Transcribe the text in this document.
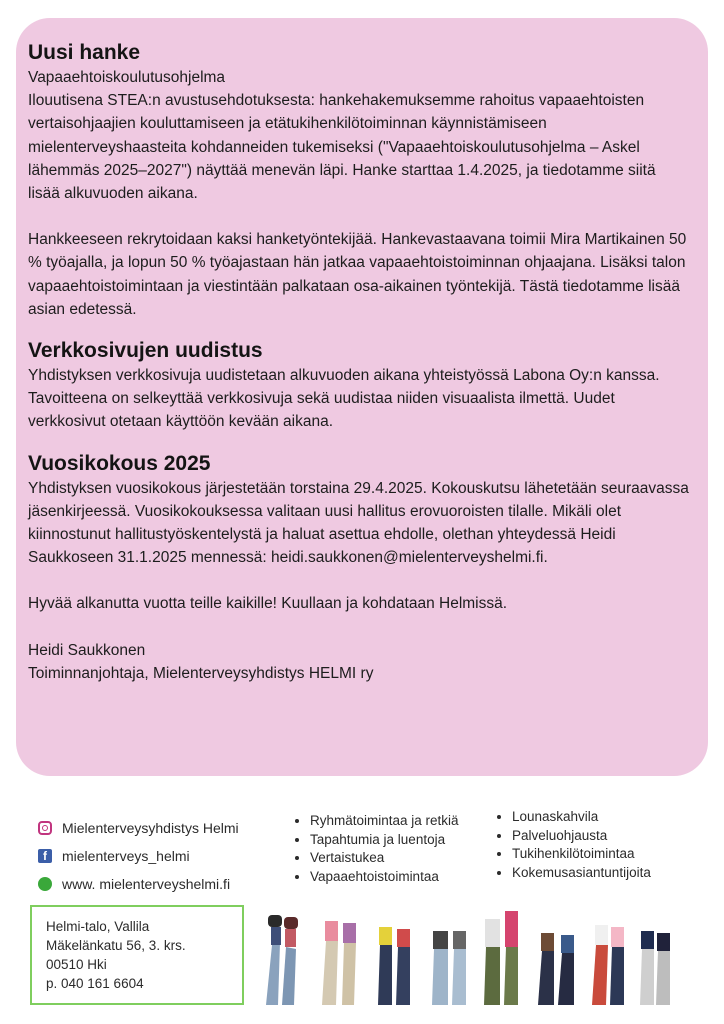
Uusi hanke

Vapaaehtoiskoulutusohjelma

Ilouutisena STEA:n avustusehdotuksesta: hankehakemuksemme rahoitus vapaaehtoisten vertaisohjaajien kouluttamiseen ja etätukihenkilötoiminnan käynnistämiseen mielenterveyshaasteita kohdanneiden tukemiseksi ("Vapaaehtoiskoulutusohjelma – Askel lähemmäs 2025–2027") näyttää menevän läpi. Hanke starttaa 1.4.2025, ja tiedotamme siitä lisää alkuvuoden aikana.

Hankkeeseen rekrytoidaan kaksi hanketyöntekijää. Hankevastaavana toimii Mira Martikainen 50 % työajalla, ja lopun 50 % työajastaan hän jatkaa vapaaehtoistoiminnan ohjaajana. Lisäksi talon vapaaehtoistoimintaan ja viestintään palkataan osa-aikainen työntekijä. Tästä tiedotamme lisää asian edetessä.

Verkkosivujen uudistus

Yhdistyksen verkkosivuja uudistetaan alkuvuoden aikana yhteistyössä Labona Oy:n kanssa. Tavoitteena on selkeyttää verkkosivuja sekä uudistaa niiden visuaalista ilmettä. Uudet verkkosivut otetaan käyttöön kevään aikana.

Vuosikokous 2025

Yhdistyksen vuosikokous järjestetään torstaina 29.4.2025. Kokouskutsu lähetetään seuraavassa jäsenkirjeessä. Vuosikokouksessa valitaan uusi hallitus erovuoroisten tilalle. Mikäli olet kiinnostunut hallitustyöskentelystä ja haluat asettua ehdolle, olethan yhteydessä Heidi Saukkoseen 31.1.2025 mennessä: heidi.saukkonen@mielenterveyshelmi.fi.

Hyvää alkanutta vuotta teille kaikille! Kuullaan ja kohdataan Helmissä.

Heidi Saukkonen

Toiminnanjohtaja, Mielenterveysyhdistys HELMI ry

Mielenterveysyhdistys Helmi
f	mielenterveys_helmi
www. mielenterveyshelmi.fi
• Ryhmätoimintaa ja retkiä
• Tapahtumia ja luentoja
• Vertaistukea
• Vapaaehtoistoimintaa
• Lounaskahvila
• Palveluohjausta
• Tukihenkilötoimintaa
• Kokemusasiantuntijoita
Helmi-talo, Vallila
Mäkelänkatu 56, 3. krs.
00510 Hki
p. 040 161 6604
